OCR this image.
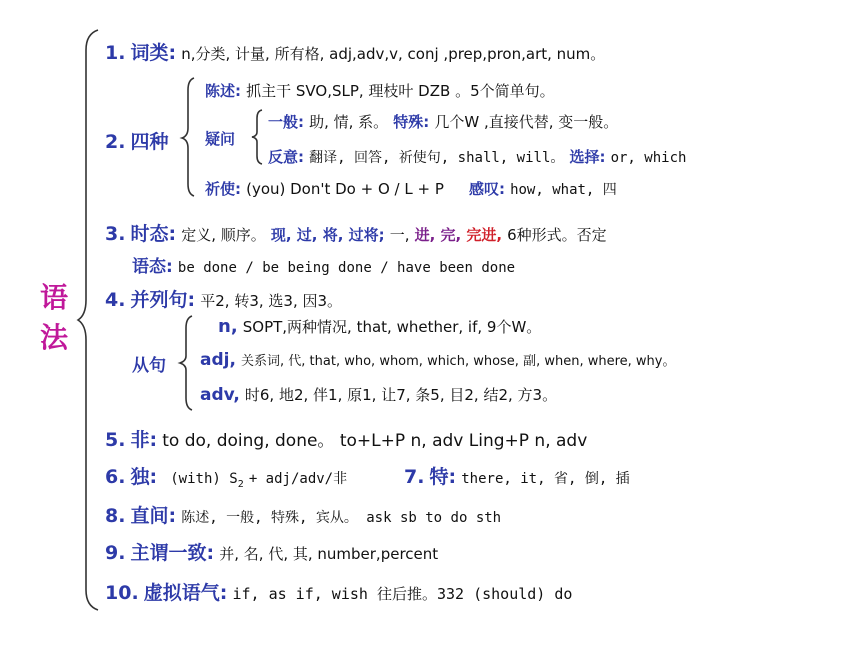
语
法
1. 词类: n,分类, 计量, 所有格, adj,adv,v, conj ,prep,pron,art, num。
2. 四种
陈述: 抓主干 SVO,SLP, 理枝叶 DZB 。5个简单句。
疑问
一般: 助, 情, 系。 特殊: 几个W ,直接代替, 变一般。
反意: 翻译, 回答, 祈使句, shall, will。 选择: or, which
祈使: (you) Don't Do + O / L + P 感叹: how, what, 四
3. 时态: 定义, 顺序。 现, 过, 将, 过将; 一, 进, 完, 完进, 6种形式。否定
语态: be done / be being done / have been done
4. 并列句: 平2, 转3, 选3, 因3。
从句
n, SOPT,两种情况, that, whether, if, 9个W。
adj, 关系词, 代, that, who, whom, which, whose, 副, when, where, why。
adv, 时6, 地2, 伴1, 原1, 让7, 条5, 目2, 结2, 方3。
5. 非: to do, doing, done。 to+L+P n, adv Ling+P n, adv
6. 独: (with) $S_2 + adj/adv/$非	7. 特: there, it, 省, 倒, 插
8. 直间: 陈述, 一般, 特殊, 宾从。 ask sb to do sth
9. 主谓一致: 并, 名, 代, 其, number,percent
10. 虚拟语气: if, as if, wish 往后推。332 (should) do
